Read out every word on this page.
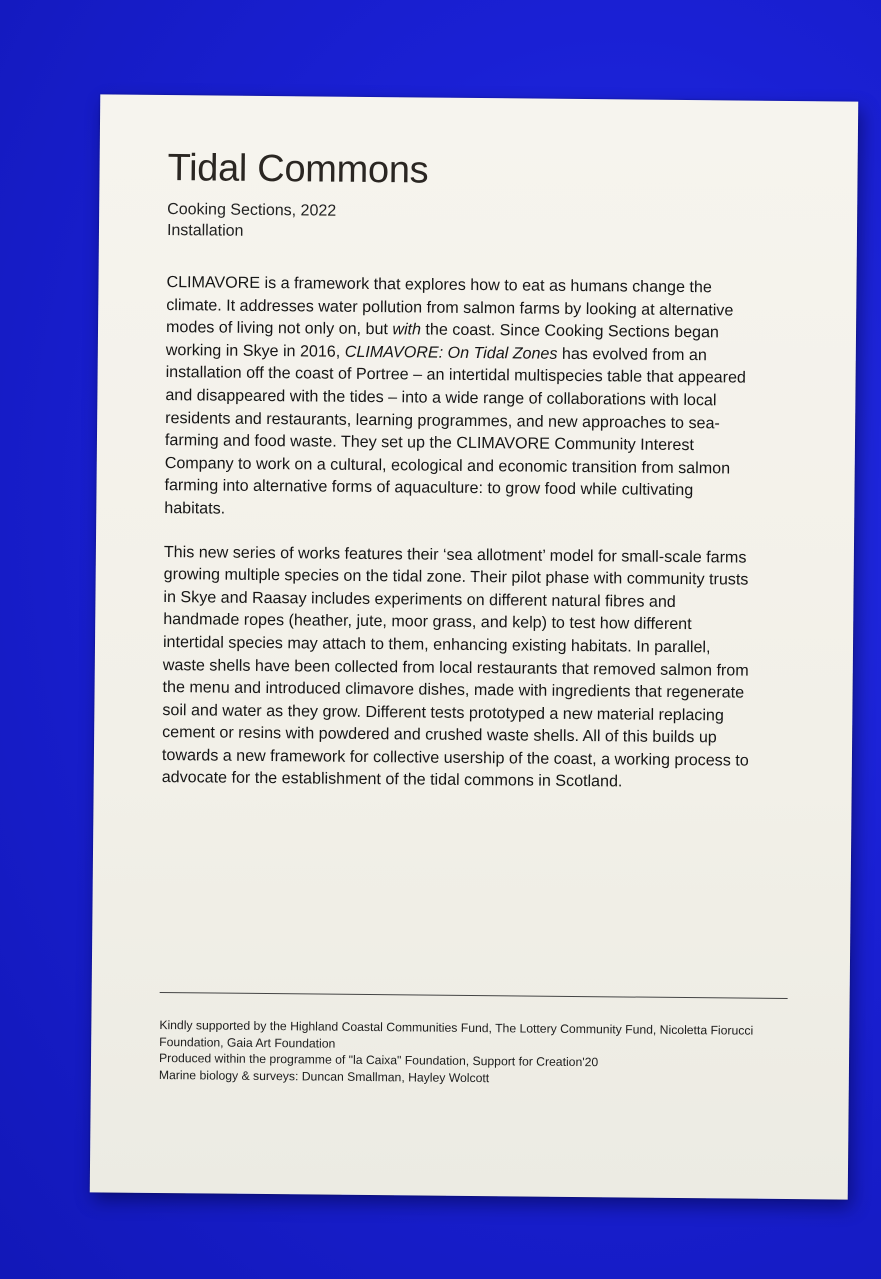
Tidal Commons
Cooking Sections, 2022
Installation

CLIMAVORE is a framework that explores how to eat as humans change the climate. It addresses water pollution from salmon farms by looking at alternative modes of living not only on, but with the coast. Since Cooking Sections began working in Skye in 2016, CLIMAVORE: On Tidal Zones has evolved from an installation off the coast of Portree – an intertidal multispecies table that appeared and disappeared with the tides – into a wide range of collaborations with local residents and restaurants, learning programmes, and new approaches to sea-farming and food waste. They set up the CLIMAVORE Community Interest Company to work on a cultural, ecological and economic transition from salmon farming into alternative forms of aquaculture: to grow food while cultivating habitats.

This new series of works features their ‘sea allotment’ model for small-scale farms growing multiple species on the tidal zone. Their pilot phase with community trusts in Skye and Raasay includes experiments on different natural fibres and handmade ropes (heather, jute, moor grass, and kelp) to test how different intertidal species may attach to them, enhancing existing habitats. In parallel, waste shells have been collected from local restaurants that removed salmon from the menu and introduced climavore dishes, made with ingredients that regenerate soil and water as they grow. Different tests prototyped a new material replacing cement or resins with powdered and crushed waste shells. All of this builds up towards a new framework for collective usership of the coast, a working process to advocate for the establishment of the tidal commons in Scotland.

Kindly supported by the Highland Coastal Communities Fund, The Lottery Community Fund, Nicoletta Fiorucci Foundation, Gaia Art Foundation
Produced within the programme of "la Caixa" Foundation, Support for Creation'20
Marine biology & surveys: Duncan Smallman, Hayley Wolcott
